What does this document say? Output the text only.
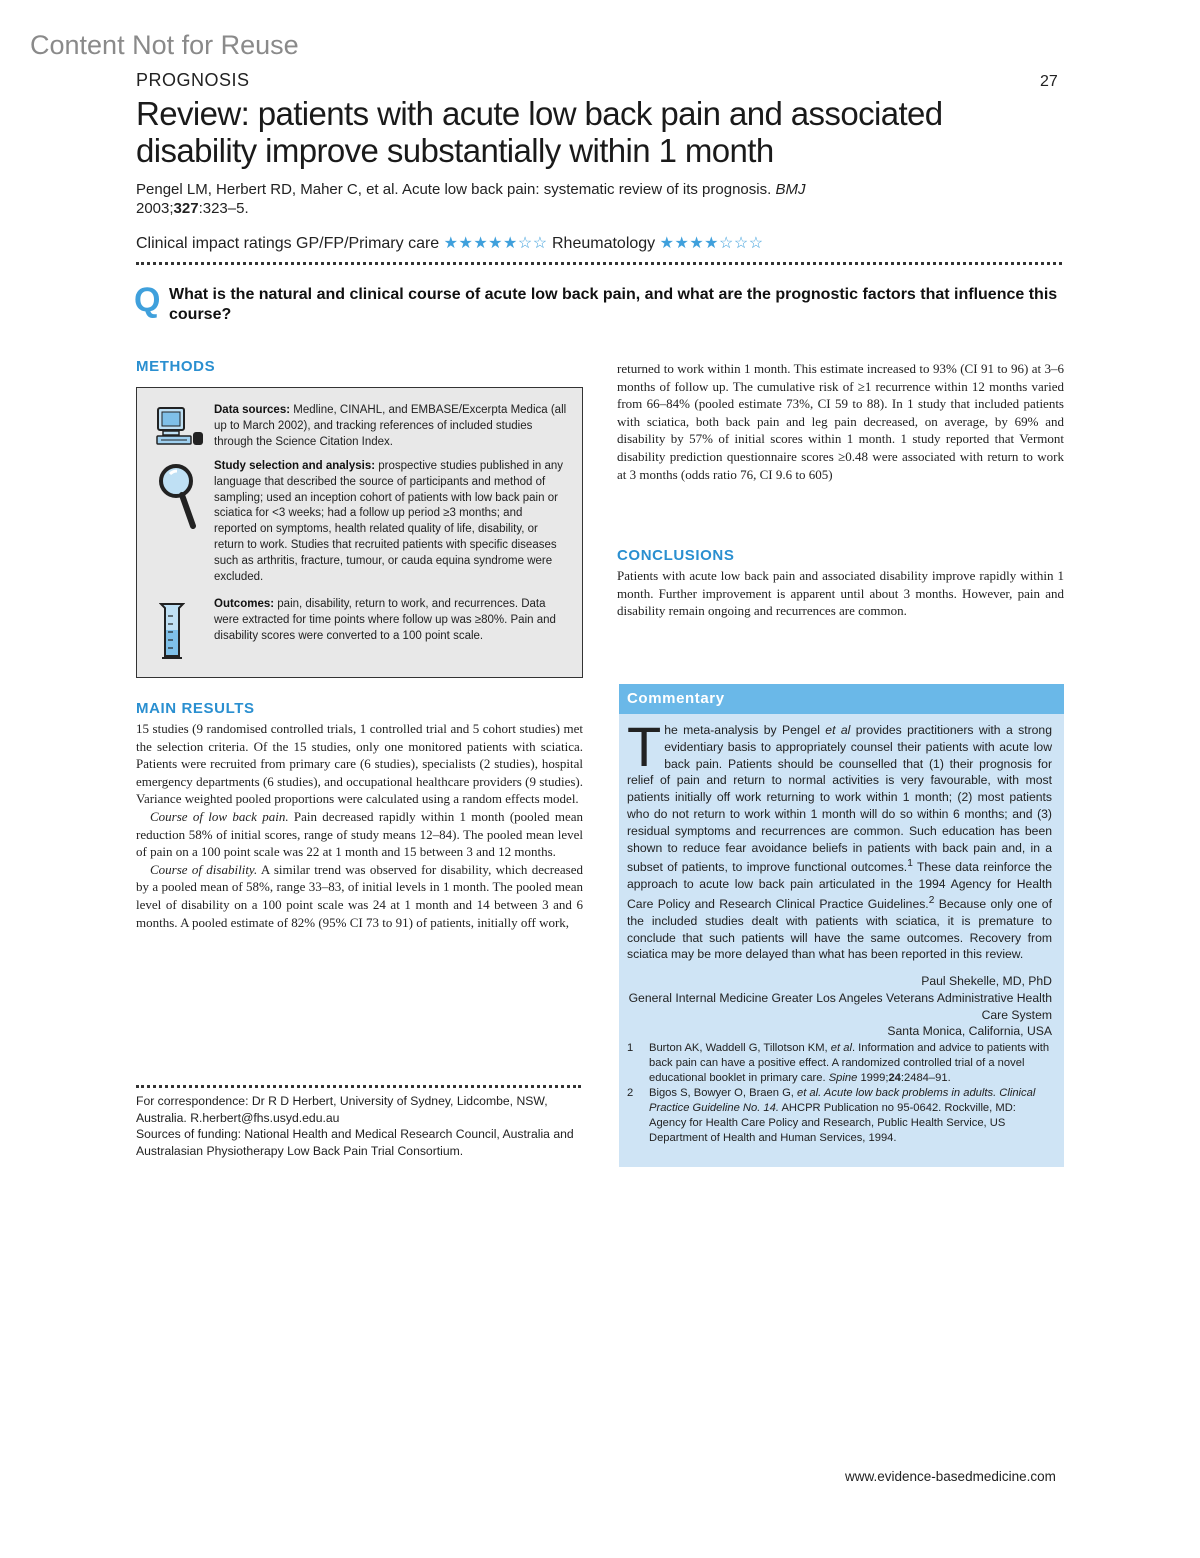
Content Not for Reuse
PROGNOSIS	27
Review: patients with acute low back pain and associated disability improve substantially within 1 month
Pengel LM, Herbert RD, Maher C, et al. Acute low back pain: systematic review of its prognosis. BMJ 2003;327:323–5.
Clinical impact ratings GP/FP/Primary care ★★★★★☆☆ Rheumatology ★★★★☆☆☆
Q What is the natural and clinical course of acute low back pain, and what are the prognostic factors that influence this course?
METHODS
Data sources: Medline, CINAHL, and EMBASE/Excerpta Medica (all up to March 2002), and tracking references of included studies through the Science Citation Index.
Study selection and analysis: prospective studies published in any language that described the source of participants and method of sampling; used an inception cohort of patients with low back pain or sciatica for <3 weeks; had a follow up period ≥3 months; and reported on symptoms, health related quality of life, disability, or return to work. Studies that recruited patients with specific diseases such as arthritis, fracture, tumour, or cauda equina syndrome were excluded.
Outcomes: pain, disability, return to work, and recurrences. Data were extracted for time points where follow up was ≥80%. Pain and disability scores were converted to a 100 point scale.
MAIN RESULTS

15 studies (9 randomised controlled trials, 1 controlled trial and 5 cohort studies) met the selection criteria. Of the 15 studies, only one monitored patients with sciatica. Patients were recruited from primary care (6 studies), specialists (2 studies), hospital emergency departments (6 studies), and occupational healthcare providers (9 studies). Variance weighted pooled proportions were calculated using a random effects model.

Course of low back pain. Pain decreased rapidly within 1 month (pooled mean reduction 58% of initial scores, range of study means 12–84). The pooled mean level of pain on a 100 point scale was 22 at 1 month and 15 between 3 and 12 months.

Course of disability. A similar trend was observed for disability, which decreased by a pooled mean of 58%, range 33–83, of initial levels in 1 month. The pooled mean level of disability on a 100 point scale was 24 at 1 month and 14 between 3 and 6 months. A pooled estimate of 82% (95% CI 73 to 91) of patients, initially off work,

returned to work within 1 month. This estimate increased to 93% (CI 91 to 96) at 3–6 months of follow up. The cumulative risk of ≥1 recurrence within 12 months varied from 66–84% (pooled estimate 73%, CI 59 to 88). In 1 study that included patients with sciatica, both back pain and leg pain decreased, on average, by 69% and disability by 57% of initial scores within 1 month. 1 study reported that Vermont disability prediction questionnaire scores ≥0.48 were associated with return to work at 3 months (odds ratio 76, CI 9.6 to 605)
CONCLUSIONS
Patients with acute low back pain and associated disability improve rapidly within 1 month. Further improvement is apparent until about 3 months. However, pain and disability remain ongoing and recurrences are common.

For correspondence: Dr R D Herbert, University of Sydney, Lidcombe, NSW, Australia. R.herbert@fhs.usyd.edu.au

Sources of funding: National Health and Medical Research Council, Australia and Australasian Physiotherapy Low Back Pain Trial Consortium.

Commentary
The meta-analysis by Pengel et al provides practitioners with a strong evidentiary basis to appropriately counsel their patients with acute low back pain. Patients should be counselled that (1) their prognosis for relief of pain and return to normal activities is very favourable, with most patients initially off work returning to work within 1 month; (2) most patients who do not return to work within 1 month will do so within 6 months; and (3) residual symptoms and recurrences are common. Such education has been shown to reduce fear avoidance beliefs in patients with back pain and, in a subset of patients, to improve functional outcomes.$^1$ These data reinforce the approach to acute low back pain articulated in the 1994 Agency for Health Care Policy and Research Clinical Practice Guidelines.$^2$ Because only one of the included studies dealt with patients with sciatica, it is premature to conclude that such patients will have the same outcomes. Recovery from sciatica may be more delayed than what has been reported in this review.
Paul Shekelle, MD, PhD
General Internal Medicine Greater Los Angeles Veterans Administrative Health Care System
Santa Monica, California, USA
1 Burton AK, Waddell G, Tillotson KM, et al. Information and advice to patients with back pain can have a positive effect. A randomized controlled trial of a novel educational booklet in primary care. Spine 1999;24:2484–91.
2 Bigos S, Bowyer O, Braen G, et al. Acute low back problems in adults. Clinical Practice Guideline No. 14. AHCPR Publication no 95-0642. Rockville, MD: Agency for Health Care Policy and Research, Public Health Service, US Department of Health and Human Services, 1994.
www.evidence-basedmedicine.com
